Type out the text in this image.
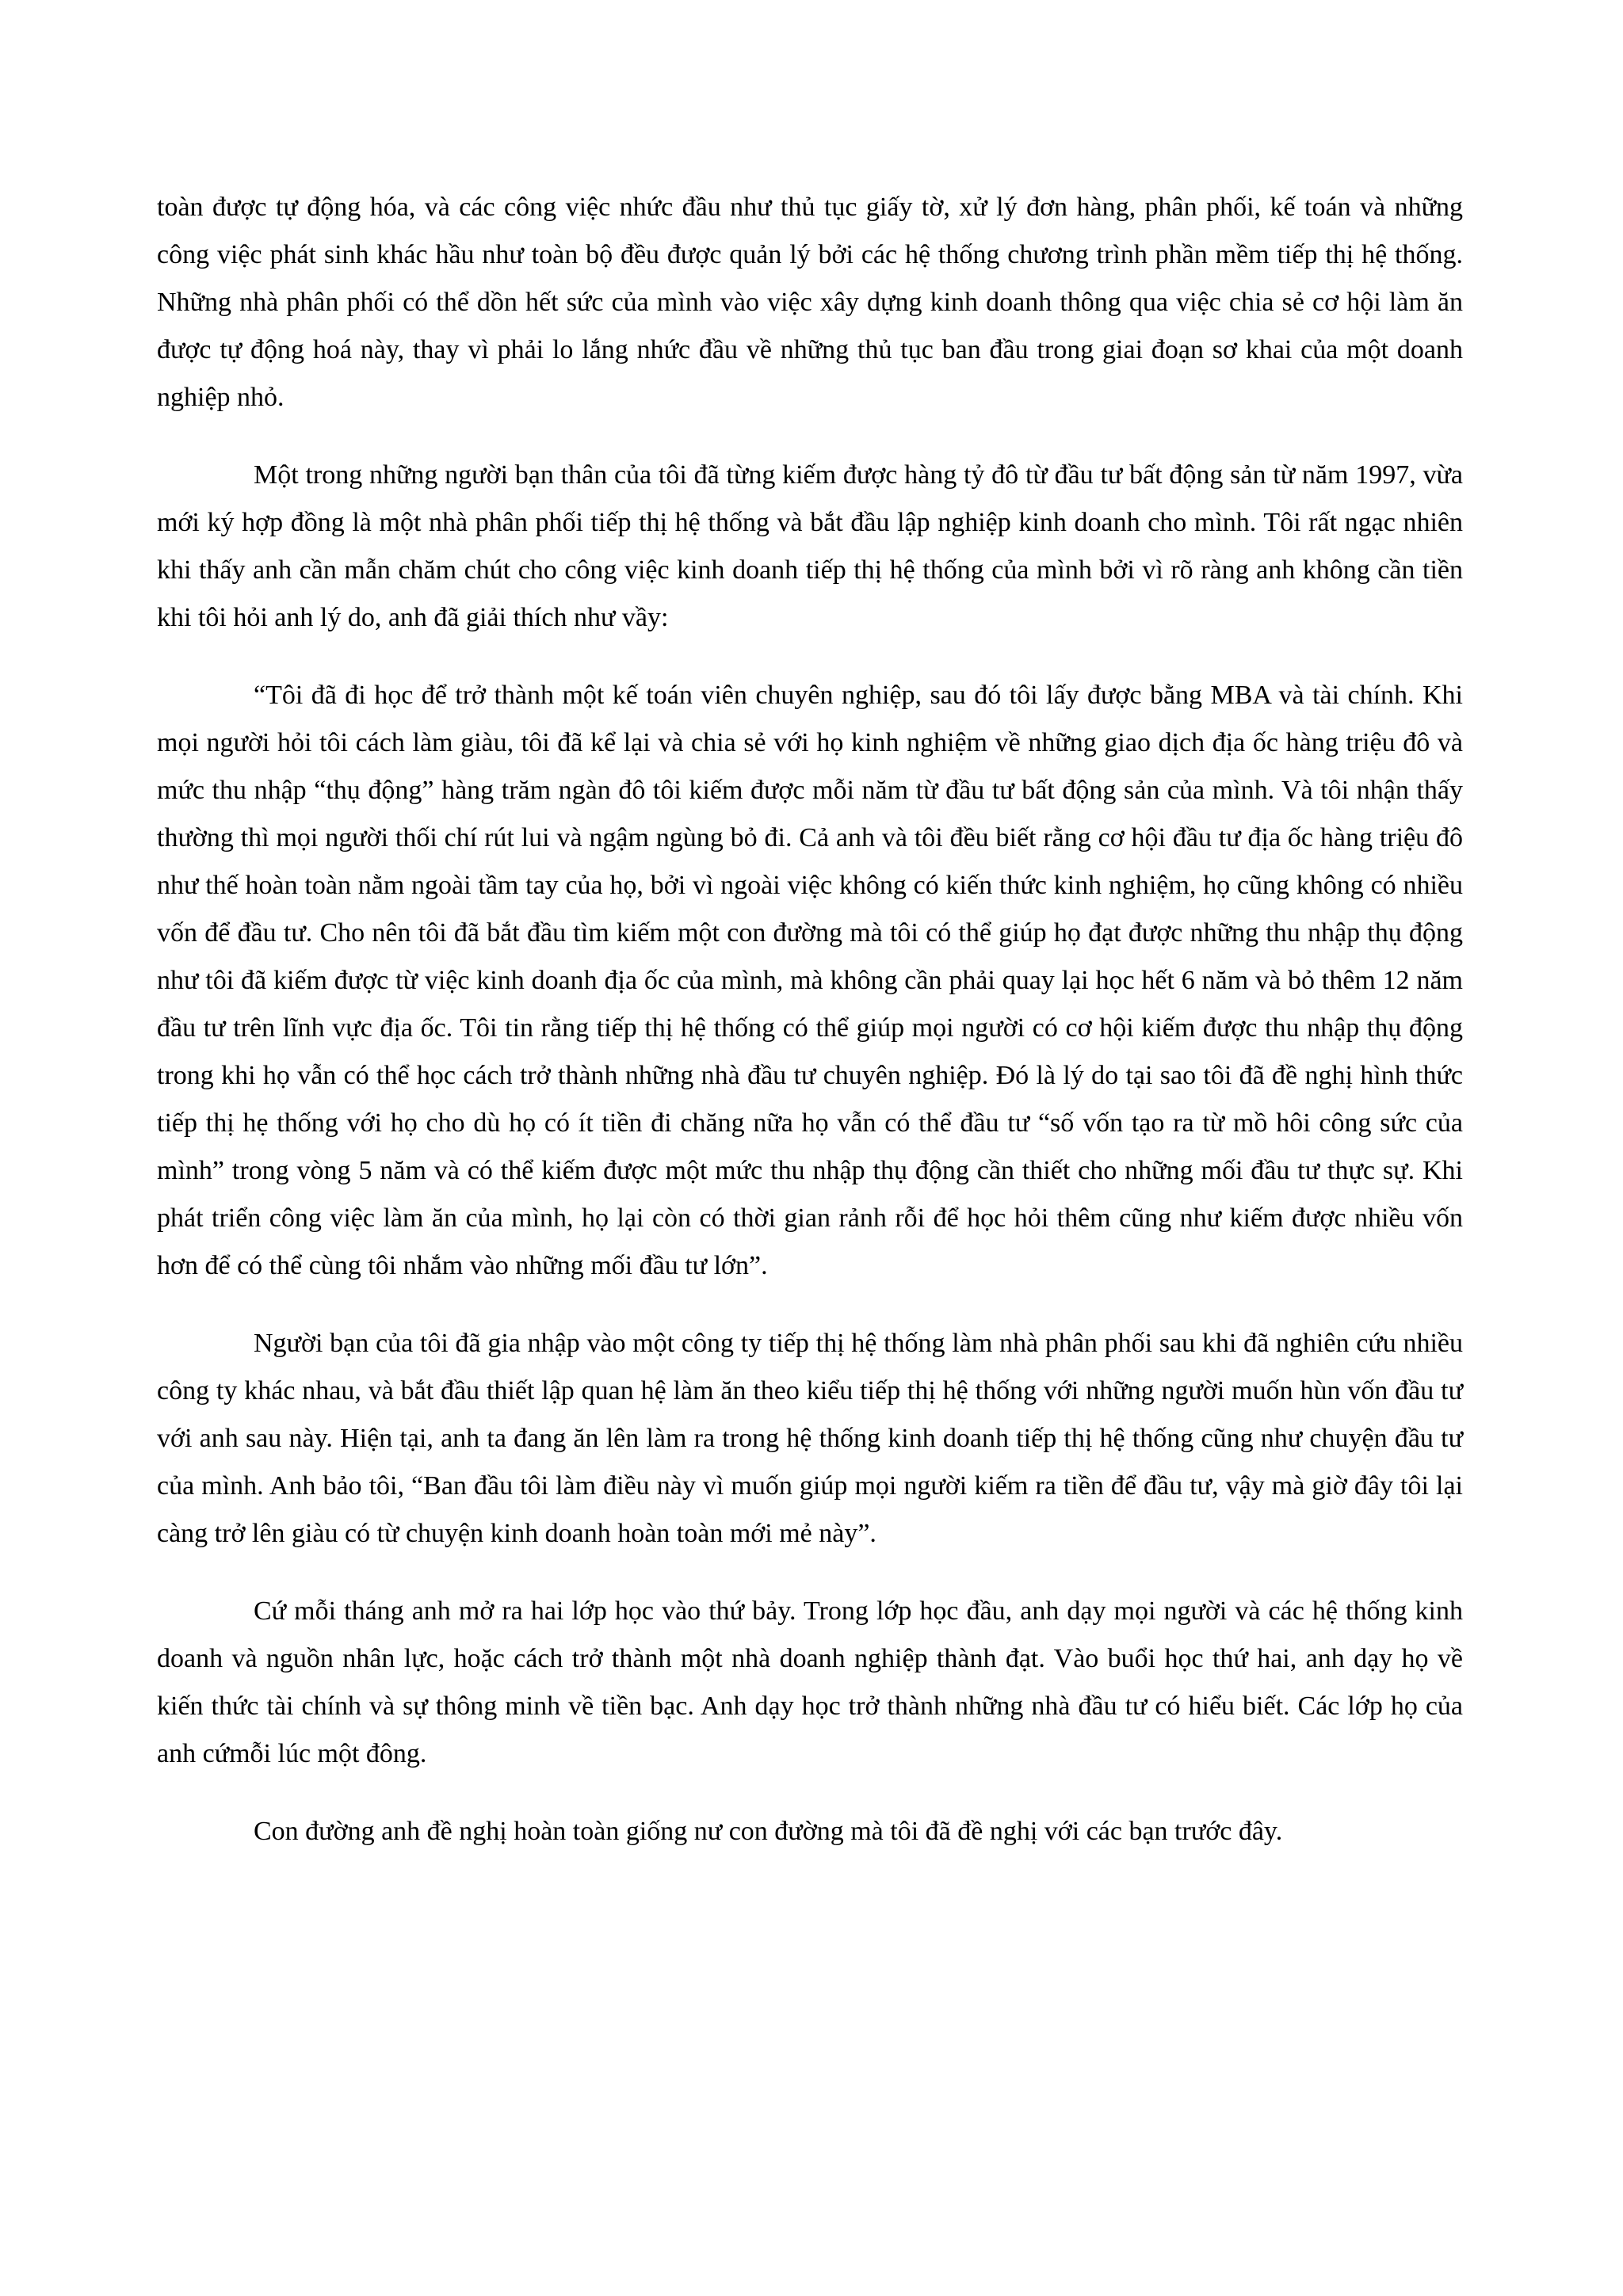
toàn được tự động hóa, và các công việc nhức đầu như thủ tục giấy tờ, xử lý đơn hàng, phân phối, kế toán và những công việc phát sinh khác hầu như toàn bộ đều được quản lý bởi các hệ thống chương trình phần mềm tiếp thị hệ thống. Những nhà phân phối có thể dồn hết sức của mình vào việc xây dựng kinh doanh thông qua việc chia sẻ cơ hội làm ăn được tự động hoá này, thay vì phải lo lắng nhức đầu về những thủ tục ban đầu trong giai đoạn sơ khai của một doanh nghiệp nhỏ.

Một trong những người bạn thân của tôi đã từng kiếm được hàng tỷ đô từ đầu tư bất động sản từ năm 1997, vừa mới ký hợp đồng là một nhà phân phối tiếp thị hệ thống và bắt đầu lập nghiệp kinh doanh cho mình. Tôi rất ngạc nhiên khi thấy anh cần mẫn chăm chút cho công việc kinh doanh tiếp thị hệ thống của mình bởi vì rõ ràng anh không cần tiền khi tôi hỏi anh lý do, anh đã giải thích như vầy:

“Tôi đã đi học để trở thành một kế toán viên chuyên nghiệp, sau đó tôi lấy được bằng MBA và tài chính. Khi mọi người hỏi tôi cách làm giàu, tôi đã kể lại và chia sẻ với họ kinh nghiệm về những giao dịch địa ốc hàng triệu đô và mức thu nhập “thụ động” hàng trăm ngàn đô tôi kiếm được mỗi năm từ đầu tư bất động sản của mình. Và tôi nhận thấy thường thì mọi người thối chí rút lui và ngậm ngùng bỏ đi. Cả anh và tôi đều biết rằng cơ hội đầu tư địa ốc hàng triệu đô như thế hoàn toàn nằm ngoài tầm tay của họ, bởi vì ngoài việc không có kiến thức kinh nghiệm, họ cũng không có nhiều vốn để đầu tư. Cho nên tôi đã bắt đầu tìm kiếm một con đường mà tôi có thể giúp họ đạt được những thu nhập thụ động như tôi đã kiếm được từ việc kinh doanh địa ốc của mình, mà không cần phải quay lại học hết 6 năm và bỏ thêm 12 năm đầu tư trên lĩnh vực địa ốc. Tôi tin rằng tiếp thị hệ thống có thể giúp mọi người có cơ hội kiếm được thu nhập thụ động trong khi họ vẫn có thể học cách trở thành những nhà đầu tư chuyên nghiệp. Đó là lý do tại sao tôi đã đề nghị hình thức tiếp thị hẹ thống với họ cho dù họ có ít tiền đi chăng nữa họ vẫn có thể đầu tư “số vốn tạo ra từ mồ hôi công sức của mình” trong vòng 5 năm và có thể kiếm được một mức thu nhập thụ động cần thiết cho những mối đầu tư thực sự. Khi phát triển công việc làm ăn của mình, họ lại còn có thời gian rảnh rỗi để học hỏi thêm cũng như kiếm được nhiều vốn hơn để có thể cùng tôi nhắm vào những mối đầu tư lớn”.

Người bạn của tôi đã gia nhập vào một công ty tiếp thị hệ thống làm nhà phân phối sau khi đã nghiên cứu nhiều công ty khác nhau, và bắt đầu thiết lập quan hệ làm ăn theo kiểu tiếp thị hệ thống với những người muốn hùn vốn đầu tư với anh sau này. Hiện tại, anh ta đang ăn lên làm ra trong hệ thống kinh doanh tiếp thị hệ thống cũng như chuyện đầu tư của mình. Anh bảo tôi, “Ban đầu tôi làm điều này vì muốn giúp mọi người kiếm ra tiền để đầu tư, vậy mà giờ đây tôi lại càng trở lên giàu có từ chuyện kinh doanh hoàn toàn mới mẻ này”.

Cứ mỗi tháng anh mở ra hai lớp học vào thứ bảy. Trong lớp học đầu, anh dạy mọi người và các hệ thống kinh doanh và nguồn nhân lực, hoặc cách trở thành một nhà doanh nghiệp thành đạt. Vào buổi học thứ hai, anh dạy họ về kiến thức tài chính và sự thông minh về tiền bạc. Anh dạy học trở thành những nhà đầu tư có hiểu biết. Các lớp họ của anh cứmỗi lúc một đông.

Con đường anh đề nghị hoàn toàn giống nư con đường mà tôi đã đề nghị với các bạn trước đây.
